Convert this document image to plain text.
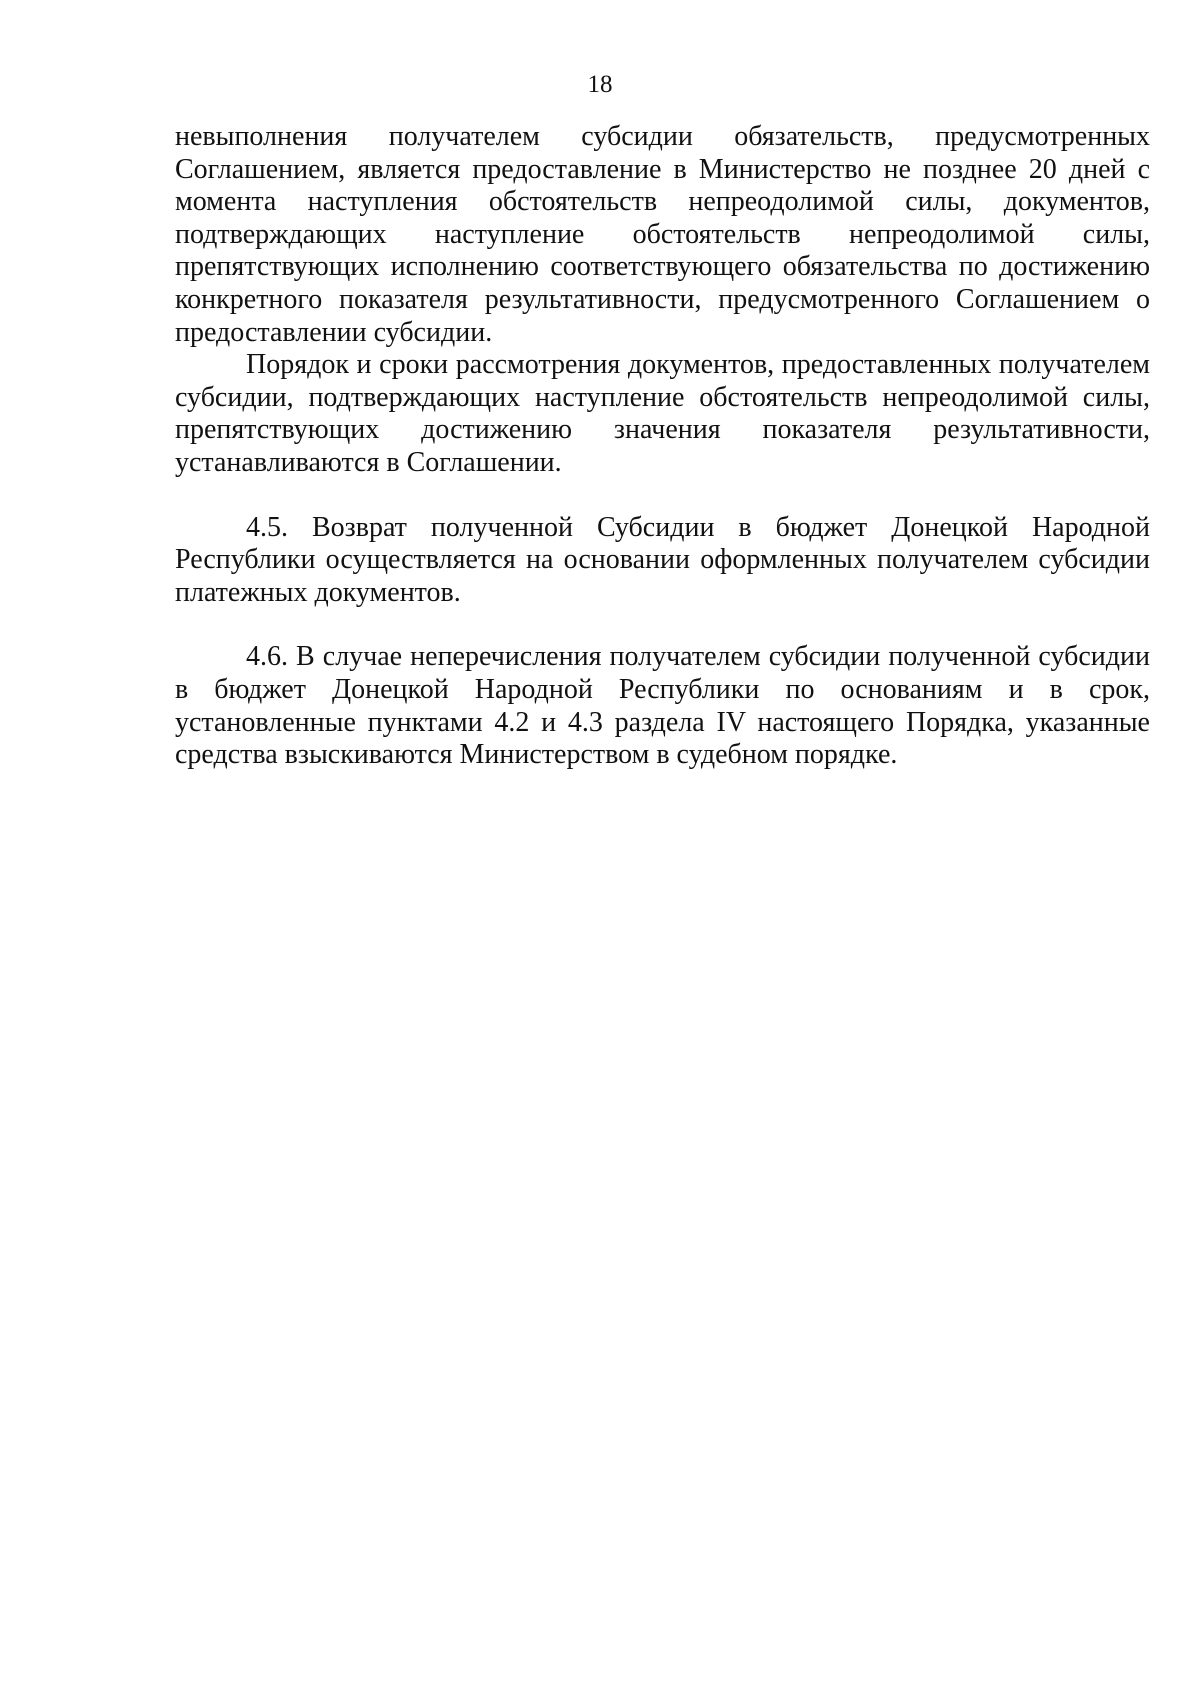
18

невыполнения получателем субсидии обязательств, предусмотренных Соглашением, является предоставление в Министерство не позднее 20 дней с момента наступления обстоятельств непреодолимой силы, документов, подтверждающих наступление обстоятельств непреодолимой силы, препятствующих исполнению соответствующего обязательства по достижению конкретного показателя результативности, предусмотренного Соглашением о предоставлении субсидии.

Порядок и сроки рассмотрения документов, предоставленных получателем субсидии, подтверждающих наступление обстоятельств непреодолимой силы, препятствующих достижению значения показателя результативности, устанавливаются в Соглашении.

4.5. Возврат полученной Субсидии в бюджет Донецкой Народной Республики осуществляется на основании оформленных получателем субсидии платежных документов.

4.6. В случае неперечисления получателем субсидии полученной субсидии в бюджет Донецкой Народной Республики по основаниям и в срок, установленные пунктами 4.2 и 4.3 раздела IV настоящего Порядка, указанные средства взыскиваются Министерством в судебном порядке.
